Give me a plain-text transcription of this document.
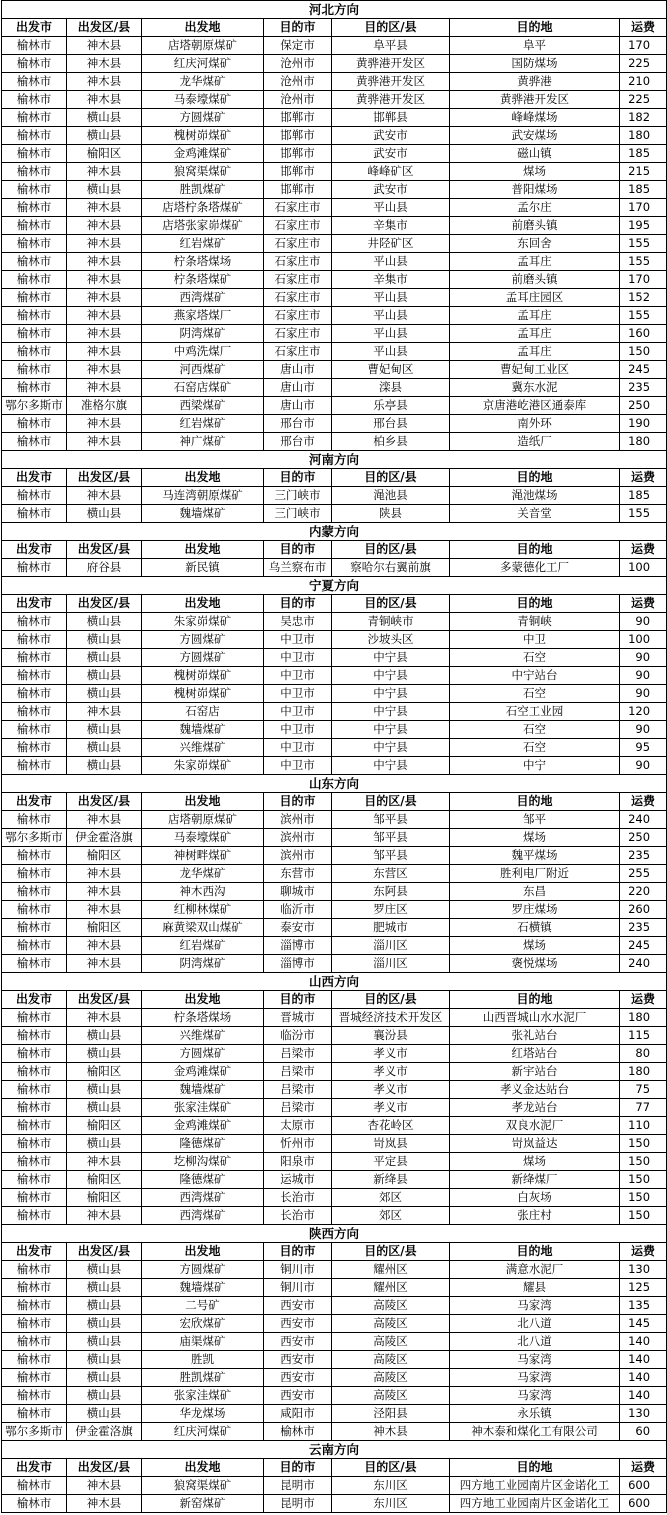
河北方向						
出发市	出发区/县	出发地	目的市	目的区/县	目的地	运费
榆林市	神木县	店塔朝原煤矿	保定市	阜平县	阜平	170
榆林市	神木县	红庆河煤矿	沧州市	黄骅港开发区	国防煤场	225
榆林市	神木县	龙华煤矿	沧州市	黄骅港开发区	黄骅港	210
榆林市	神木县	马泰壕煤矿	沧州市	黄骅港开发区	黄骅港开发区	225
榆林市	横山县	方圆煤矿	邯郸市	邯郸县	峰峰煤场	182
榆林市	横山县	槐树峁煤矿	邯郸市	武安市	武安煤场	180
榆林市	榆阳区	金鸡滩煤矿	邯郸市	武安市	磁山镇	185
榆林市	神木县	狼窝渠煤矿	邯郸市	峰峰矿区	煤场	215
榆林市	横山县	胜凯煤矿	邯郸市	武安市	普阳煤场	185
榆林市	神木县	店塔柠条塔煤矿	石家庄市	平山县	孟尔庄	170
榆林市	神木县	店塔张家峁煤矿	石家庄市	辛集市	前磨头镇	195
榆林市	神木县	红岩煤矿	石家庄市	井陉矿区	东回舍	155
榆林市	神木县	柠条塔煤场	石家庄市	平山县	孟耳庄	155
榆林市	神木县	柠条塔煤矿	石家庄市	辛集市	前磨头镇	170
榆林市	神木县	西湾煤矿	石家庄市	平山县	孟耳庄园区	152
榆林市	神木县	燕家塔煤厂	石家庄市	平山县	孟耳庄	155
榆林市	神木县	阴湾煤矿	石家庄市	平山县	孟耳庄	160
榆林市	神木县	中鸡洗煤厂	石家庄市	平山县	孟耳庄	150
榆林市	神木县	河西煤矿	唐山市	曹妃甸区	曹妃甸工业区	245
榆林市	神木县	石窑店煤矿	唐山市	滦县	冀东水泥	235
鄂尔多斯市	准格尔旗	西梁煤矿	唐山市	乐亭县	京唐港屹港区通泰库	250
榆林市	神木县	红岩煤矿	邢台市	邢台县	南外环	190
榆林市	神木县	神广煤矿	邢台市	柏乡县	造纸厂	180
河南方向						
出发市	出发区/县	出发地	目的市	目的区/县	目的地	运费
榆林市	神木县	马连湾朝原煤矿	三门峡市	渑池县	渑池煤场	185
榆林市	横山县	魏墙煤矿	三门峡市	陕县	关音堂	155
内蒙方向						
出发市	出发区/县	出发地	目的市	目的区/县	目的地	运费
榆林市	府谷县	新民镇	乌兰察布市	察哈尔右翼前旗	多蒙德化工厂	100
宁夏方向						
出发市	出发区/县	出发地	目的市	目的区/县	目的地	运费
榆林市	横山县	朱家峁煤矿	吴忠市	青铜峡市	青铜峡	90
榆林市	横山县	方圆煤矿	中卫市	沙坡头区	中卫	100
榆林市	横山县	方圆煤矿	中卫市	中宁县	石空	90
榆林市	横山县	槐树峁煤矿	中卫市	中宁县	中宁站台	90
榆林市	横山县	槐树峁煤矿	中卫市	中宁县	石空	90
榆林市	神木县	石窑店	中卫市	中宁县	石空工业园	120
榆林市	横山县	魏墙煤矿	中卫市	中宁县	石空	90
榆林市	横山县	兴维煤矿	中卫市	中宁县	石空	95
榆林市	横山县	朱家峁煤矿	中卫市	中宁县	中宁	90
山东方向						
出发市	出发区/县	出发地	目的市	目的区/县	目的地	运费
榆林市	神木县	店塔朝原煤矿	滨州市	邹平县	邹平	240
鄂尔多斯市	伊金霍洛旗	马泰壕煤矿	滨州市	邹平县	煤场	250
榆林市	榆阳区	神树畔煤矿	滨州市	邹平县	魏平煤场	235
榆林市	神木县	龙华煤矿	东营市	东营区	胜利电厂附近	255
榆林市	神木县	神木西沟	聊城市	东阿县	东昌	220
榆林市	神木县	红柳林煤矿	临沂市	罗庄区	罗庄煤场	260
榆林市	榆阳区	麻黄梁双山煤矿	泰安市	肥城市	石横镇	235
榆林市	神木县	红岩煤矿	淄博市	淄川区	煤场	245
榆林市	神木县	阴湾煤矿	淄博市	淄川区	褒悦煤场	240
山西方向						
出发市	出发区/县	出发地	目的市	目的区/县	目的地	运费
榆林市	神木县	柠条塔煤场	晋城市	晋城经济技术开发区	山西晋城山水水泥厂	180
榆林市	横山县	兴维煤矿	临汾市	襄汾县	张礼站台	115
榆林市	横山县	方圆煤矿	吕梁市	孝义市	红塔站台	80
榆林市	榆阳区	金鸡滩煤矿	吕梁市	孝义市	新宇站台	180
榆林市	横山县	魏墙煤矿	吕梁市	孝义市	孝义金达站台	75
榆林市	横山县	张家洼煤矿	吕梁市	孝义市	孝龙站台	77
榆林市	榆阳区	金鸡滩煤矿	太原市	杏花岭区	双良水泥厂	110
榆林市	横山县	隆德煤矿	忻州市	岢岚县	岢岚益达	150
榆林市	神木县	圪柳沟煤矿	阳泉市	平定县	煤场	150
榆林市	榆阳区	隆德煤矿	运城市	新绛县	新绛煤厂	150
榆林市	榆阳区	西湾煤矿	长治市	郊区	白灰场	150
榆林市	神木县	西湾煤矿	长治市	郊区	张庄村	150
陕西方向						
出发市	出发区/县	出发地	目的市	目的区/县	目的地	运费
榆林市	横山县	方圆煤矿	铜川市	耀州区	满意水泥厂	130
榆林市	横山县	魏墙煤矿	铜川市	耀州区	耀县	125
榆林市	横山县	二号矿	西安市	高陵区	马家湾	135
榆林市	横山县	宏欣煤矿	西安市	高陵区	北八道	145
榆林市	横山县	庙渠煤矿	西安市	高陵区	北八道	140
榆林市	横山县	胜凯	西安市	高陵区	马家湾	140
榆林市	横山县	胜凯煤矿	西安市	高陵区	马家湾	140
榆林市	横山县	张家洼煤矿	西安市	高陵区	马家湾	140
榆林市	横山县	华龙煤场	咸阳市	泾阳县	永乐镇	130
鄂尔多斯市	伊金霍洛旗	红庆河煤矿	榆林市	神木县	神木泰和煤化工有限公司	60
云南方向						
出发市	出发区/县	出发地	目的市	目的区/县	目的地	运费
榆林市	神木县	狼窝渠煤矿	昆明市	东川区	四方地工业园南片区金诺化工	600
榆林市	神木县	新窑煤矿	昆明市	东川区	四方地工业园南片区金诺化工	600
